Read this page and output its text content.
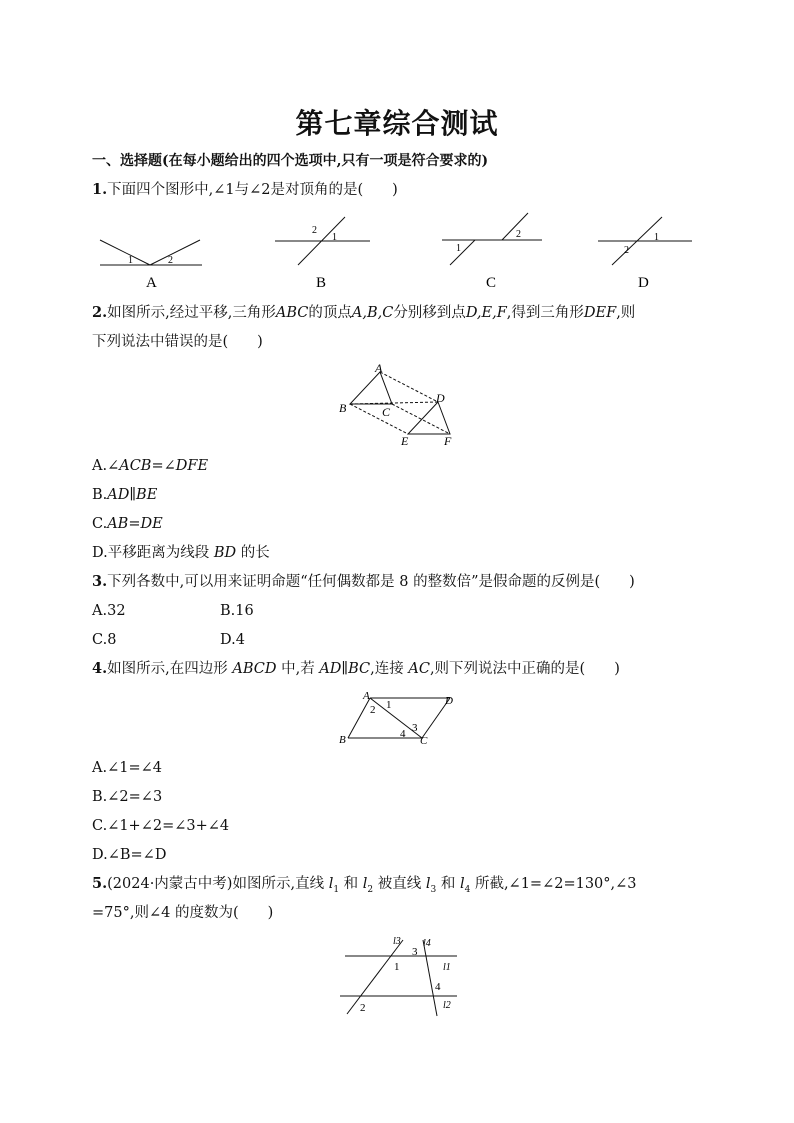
第七章综合测试
一、选择题(在每小题给出的四个选项中,只有一项是符合要求的)
1.下面四个图形中,∠1与∠2是对顶角的是(　　)
1	2
A
2
1
B
1
2
C
2
1
D
2.如图所示,经过平移,三角形ABC的顶点A,B,C分别移到点D,E,F,得到三角形DEF,则
下列说法中错误的是(　　)
A
B	C
D
E	F
A.∠ACB=∠DFE
B.AD∥BE
C.AB=DE
D.平移距离为线段 BD 的长
3.下列各数中,可以用来证明命题“任何偶数都是 8 的整数倍”是假命题的反例是(　　)
A.32	B.16
C.8	D.4
4.如图所示,在四边形 ABCD 中,若 AD∥BC,连接 AC,则下列说法中正确的是(　　)
A
B	C
D
1
2
3
4
A.∠1=∠4
B.∠2=∠3
C.∠1+∠2=∠3+∠4
D.∠B=∠D
5.(2024·内蒙古中考)如图所示,直线 $l_1$ 和 $l_2$ 被直线 $l_3$ 和 $l_4$ 所截,∠1=∠2=130°,∠3
=75°,则∠4 的度数为(　　)
l3 l4
l1
l2
1
2
3
4
